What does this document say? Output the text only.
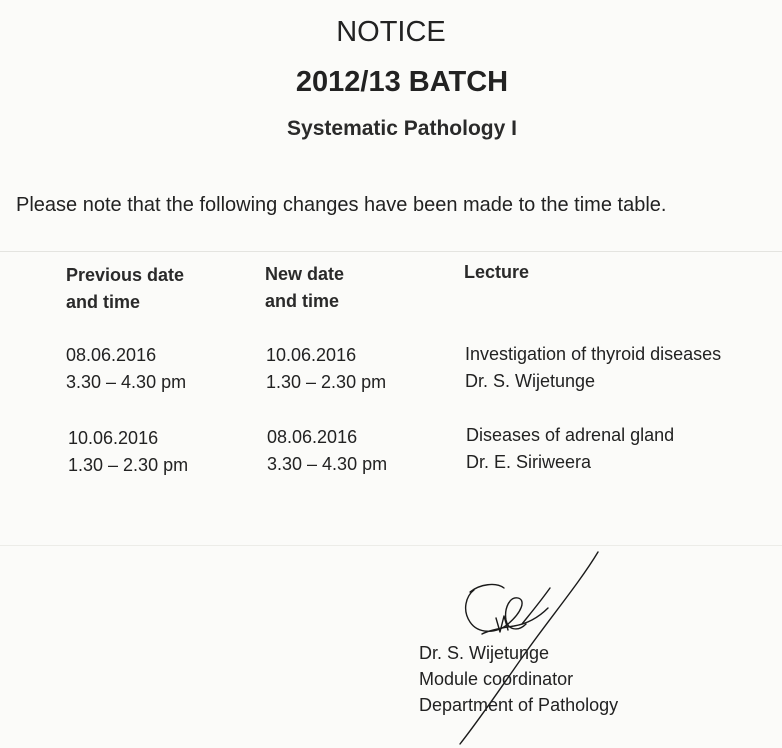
NOTICE
2012/13 BATCH
Systematic Pathology I
Please note that the following changes have been made to the time table.
Previous date
and time
New date
and time
Lecture
08.06.2016
3.30 – 4.30 pm
10.06.2016
1.30 – 2.30 pm
Investigation of thyroid diseases
Dr. S. Wijetunge
10.06.2016
1.30 – 2.30 pm
08.06.2016
3.30 – 4.30 pm
Diseases of adrenal gland
Dr. E. Siriweera
Dr. S. Wijetunge
Module coordinator
Department of Pathology
